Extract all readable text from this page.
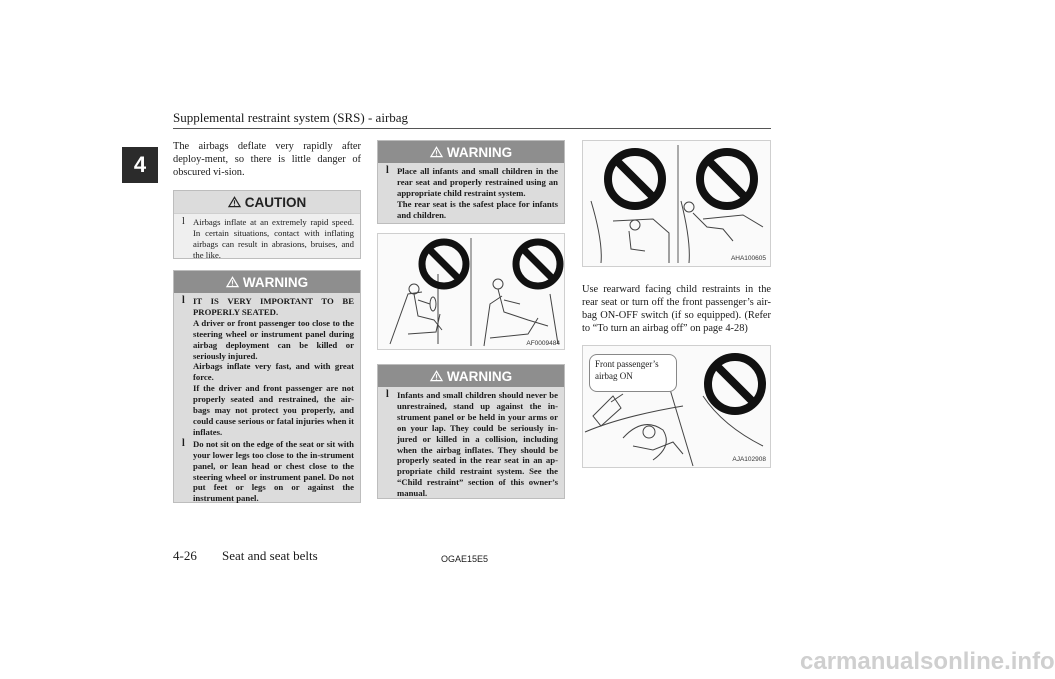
Supplemental restraint system (SRS) - airbag
4
The airbags deflate very rapidly after deploy-ment, so there is little danger of obscured vi-sion.
CAUTION
l Airbags inflate at an extremely rapid speed. In certain situations, contact with inflating airbags can result in abrasions, bruises, and the like.
WARNING
l IT IS VERY IMPORTANT TO BE PROPERLY SEATED.
A driver or front passenger too close to the steering wheel or instrument panel during airbag deployment can be killed or seriously injured.
Airbags inflate very fast, and with great force.
If the driver and front passenger are not properly seated and restrained, the air-bags may not protect you properly, and could cause serious or fatal injuries when it inflates.
l Do not sit on the edge of the seat or sit with your lower legs too close to the in-strument panel, or lean head or chest close to the steering wheel or instrument panel. Do not put feet or legs on or against the instrument panel.
WARNING
l Place all infants and small children in the rear seat and properly restrained using an appropriate child restraint system.
The rear seat is the safest place for infants and children.
AF0009484
WARNING
l Infants and small children should never be unrestrained, stand up against the in-strument panel or be held in your arms or on your lap. They could be seriously in-jured or killed in a collision, including when the airbag inflates. They should be properly seated in the rear seat in an ap-propriate child restraint system. See the “Child restraint” section of this owner’s manual.
AHA100605
Use rearward facing child restraints in the rear seat or turn off the front passenger’s air-bag ON-OFF switch (if so equipped). (Refer to “To turn an airbag off” on page 4-28)
Front passenger’s airbag ON
AJA102908
4-26 Seat and seat belts	OGAE15E5
carmanualsonline.info
